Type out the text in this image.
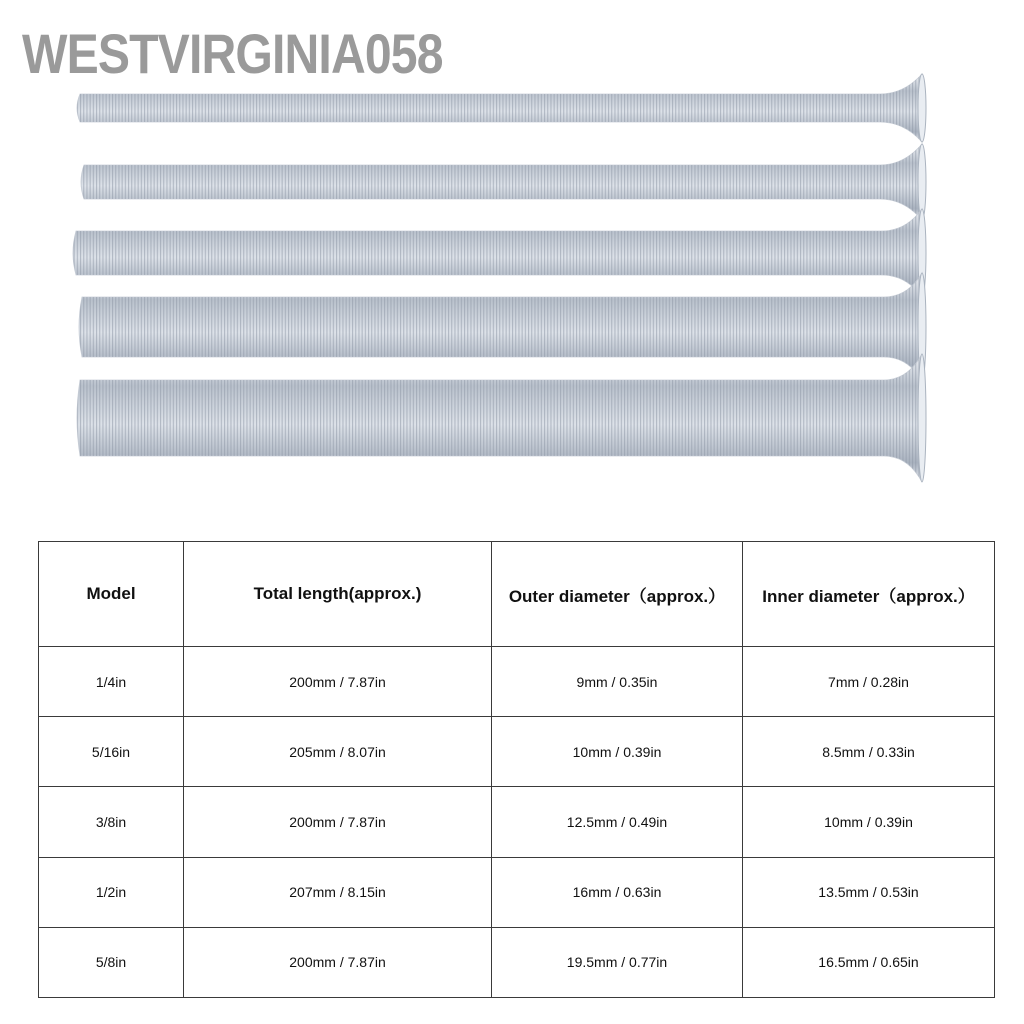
WESTVIRGINIA058
Model	Total length(approx.)	Outer diameter（approx.）	Inner diameter（approx.）
1/4in	200mm / 7.87in	9mm / 0.35in	7mm / 0.28in
5/16in	205mm / 8.07in	10mm / 0.39in	8.5mm / 0.33in
3/8in	200mm / 7.87in	12.5mm / 0.49in	10mm / 0.39in
1/2in	207mm / 8.15in	16mm / 0.63in	13.5mm / 0.53in
5/8in	200mm / 7.87in	19.5mm / 0.77in	16.5mm / 0.65in
